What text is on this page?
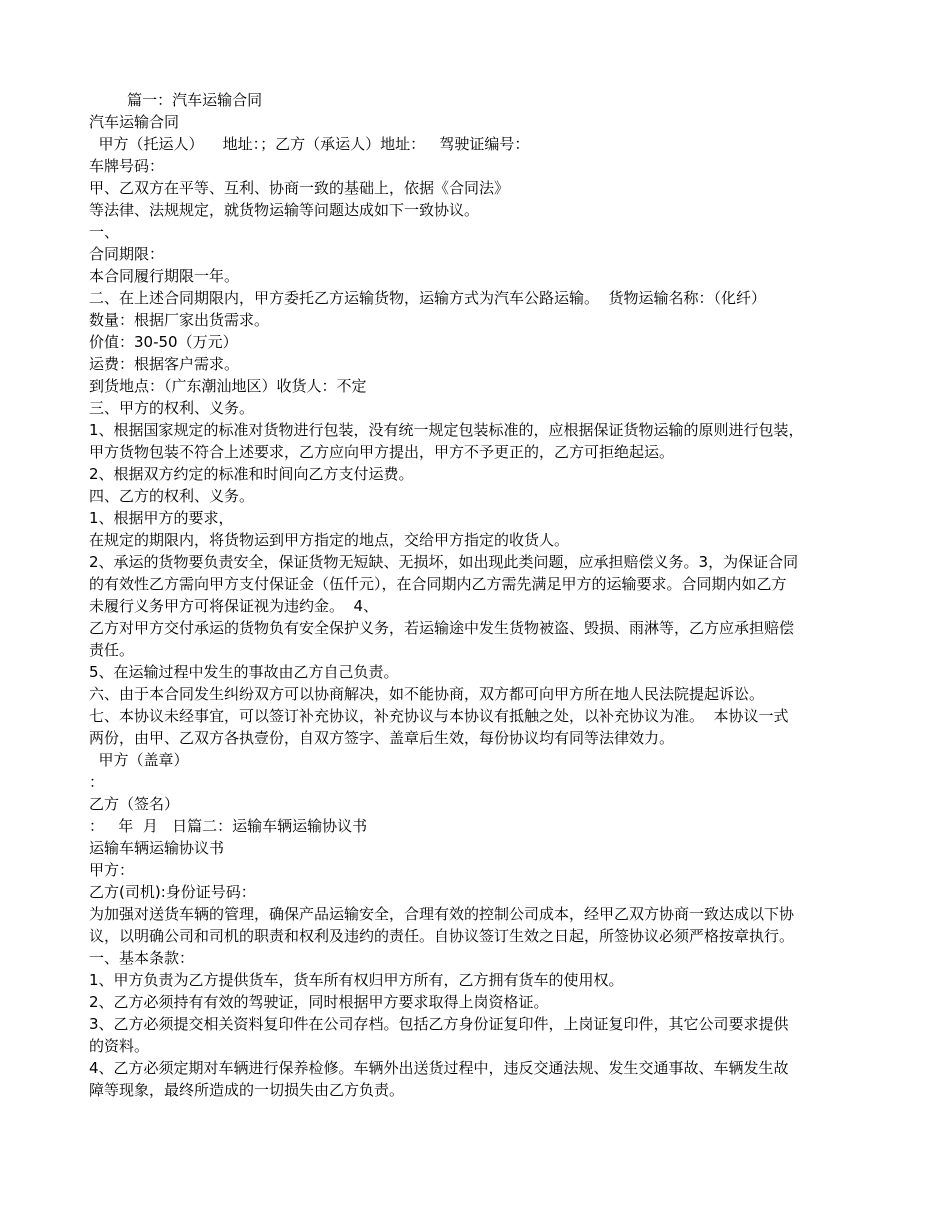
篇一：汽车运输合同
汽车运输合同
甲方（托运人）    地址：；乙方（承运人）地址：   驾驶证编号：
车牌号码：
甲、乙双方在平等、互利、协商一致的基础上，依据《合同法》
等法律、法规规定，就货物运输等问题达成如下一致协议。
一、
合同期限：
本合同履行期限一年。
二、在上述合同期限内，甲方委托乙方运输货物，运输方式为汽车公路运输。  货物运输名称：（化纤）
数量：根据厂家出货需求。
价值：30-50（万元）
运费：根据客户需求。
到货地点：（广东潮汕地区）收货人：不定
三、甲方的权利、义务。
1、根据国家规定的标准对货物进行包装，没有统一规定包装标准的，应根据保证货物运输的原则进行包装，
甲方货物包装不符合上述要求，乙方应向甲方提出，甲方不予更正的，乙方可拒绝起运。
2、根据双方约定的标准和时间向乙方支付运费。
四、乙方的权利、义务。
1、根据甲方的要求，
在规定的期限内，将货物运到甲方指定的地点，交给甲方指定的收货人。
2、承运的货物要负责安全，保证货物无短缺、无损坏，如出现此类问题，应承担赔偿义务。3，为保证合同
的有效性乙方需向甲方支付保证金（伍仟元），在合同期内乙方需先满足甲方的运输要求。合同期内如乙方
未履行义务甲方可将保证视为违约金。  4、
乙方对甲方交付承运的货物负有安全保护义务，若运输途中发生货物被盗、毁损、雨淋等，乙方应承担赔偿
责任。
5、在运输过程中发生的事故由乙方自己负责。
六、由于本合同发生纠纷双方可以协商解决，如不能协商，双方都可向甲方所在地人民法院提起诉讼。
七、本协议未经事宜，可以签订补充协议，补充协议与本协议有抵触之处，以补充协议为准。  本协议一式
两份，由甲、乙双方各执壹份，自双方签字、盖章后生效，每份协议均有同等法律效力。
甲方（盖章）
：
乙方（签名）
：   年  月   日篇二：运输车辆运输协议书
运输车辆运输协议书
甲方：
乙方(司机):身份证号码：
为加强对送货车辆的管理，确保产品运输安全，合理有效的控制公司成本，经甲乙双方协商一致达成以下协
议，以明确公司和司机的职责和权利及违约的责任。自协议签订生效之日起，所签协议必须严格按章执行。
一、基本条款：
1、甲方负责为乙方提供货车，货车所有权归甲方所有，乙方拥有货车的使用权。
2、乙方必须持有有效的驾驶证，同时根据甲方要求取得上岗资格证。
3、乙方必须提交相关资料复印件在公司存档。包括乙方身份证复印件，上岗证复印件，其它公司要求提供
的资料。
4、乙方必须定期对车辆进行保养检修。车辆外出送货过程中，违反交通法规、发生交通事故、车辆发生故
障等现象，最终所造成的一切损失由乙方负责。
